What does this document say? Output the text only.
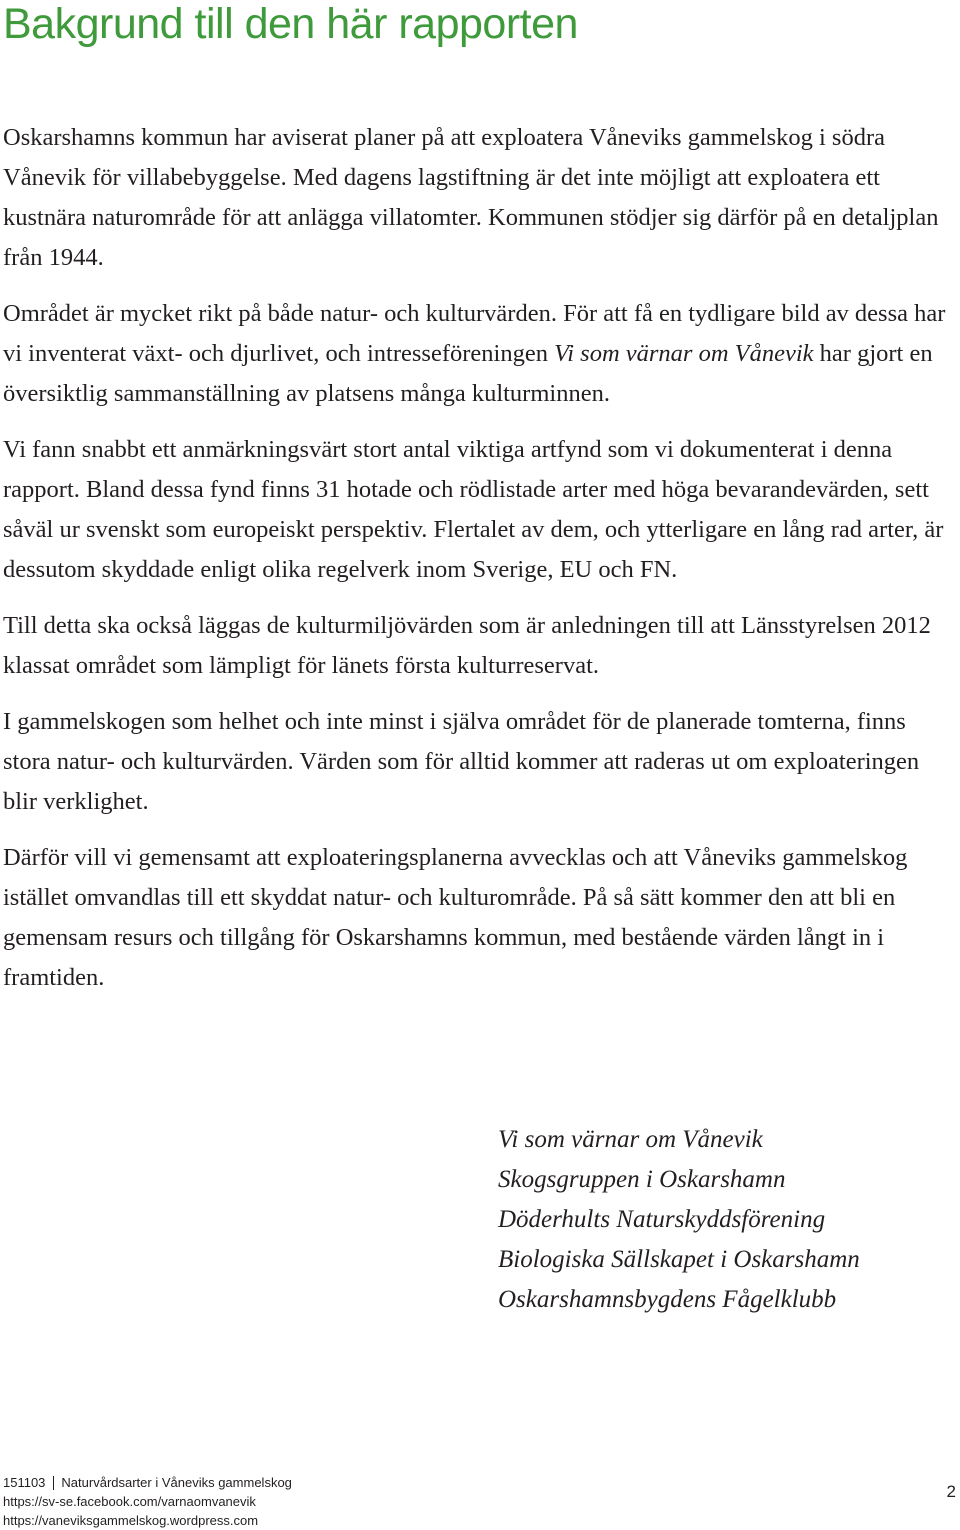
Bakgrund till den här rapporten

Oskarshamns kommun har aviserat planer på att exploatera Våneviks gammelskog i södra Vånevik för villabebyggelse. Med dagens lagstiftning är det inte möjligt att exploatera ett kustnära naturområde för att anlägga villatomter. Kommunen stödjer sig därför på en detaljplan från 1944.

Området är mycket rikt på både natur- och kulturvärden. För att få en tydligare bild av dessa har vi inventerat växt- och djurlivet, och intresseföreningen Vi som värnar om Vånevik har gjort en översiktlig sammanställning av platsens många kulturminnen.

Vi fann snabbt ett anmärkningsvärt stort antal viktiga artfynd som vi dokumenterat i denna rapport. Bland dessa fynd finns 31 hotade och rödlistade arter med höga bevarandevärden, sett såväl ur svenskt som europeiskt perspektiv. Flertalet av dem, och ytterligare en lång rad arter, är dessutom skyddade enligt olika regelverk inom Sverige, EU och FN.

Till detta ska också läggas de kulturmiljövärden som är anledningen till att Länsstyrelsen 2012 klassat området som lämpligt för länets första kulturreservat.

I gammelskogen som helhet och inte minst i själva området för de planerade tomterna, finns stora natur- och kulturvärden. Värden som för alltid kommer att raderas ut om exploateringen blir verklighet.

Därför vill vi gemensamt att exploateringsplanerna avvecklas och att Våneviks gammelskog istället omvandlas till ett skyddat natur- och kulturområde. På så sätt kommer den att bli en gemensam resurs och tillgång för Oskarshamns kommun, med bestående värden långt in i framtiden.

Vi som värnar om Vånevik
Skogsgruppen i Oskarshamn
Döderhults Naturskyddsförening
Biologiska Sällskapet i Oskarshamn
Oskarshamnsbygdens Fågelklubb
151103 Naturvårdsarter i Våneviks gammelskog
https://sv-se.facebook.com/varnaomvanevik
https://vaneviksgammelskog.wordpress.com
2
